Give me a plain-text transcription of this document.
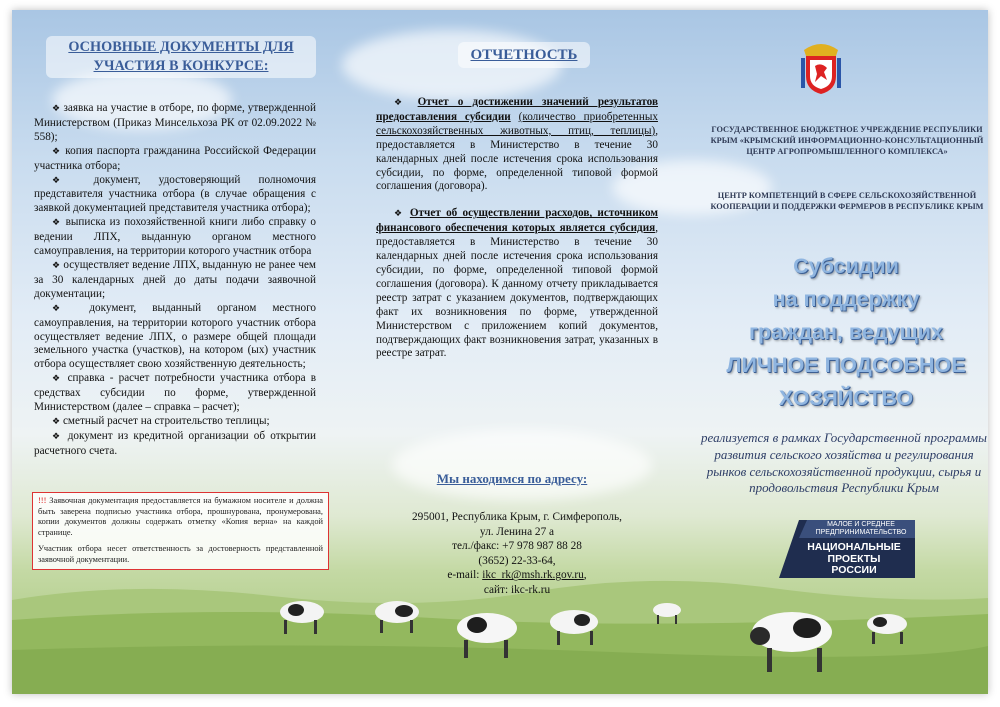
ОСНОВНЫЕ ДОКУМЕНТЫ ДЛЯ
УЧАСТИЯ В КОНКУРСЕ:

❖ заявка на участие в отборе, по форме, утвержденной Министерством (Приказ Минсельхоза РК от 02.09.2022 № 558);

❖ копия паспорта гражданина Российской Федерации участника отбора;

❖ документ, удостоверяющий полномочия представителя участника отбора (в случае обращения с заявкой документацией представителя участника отбора);

❖ выписка из похозяйственной книги либо справку о ведении ЛПХ, выданную органом местного самоуправления, на территории которого участник отбора

❖ осуществляет ведение ЛПХ, выданную не ранее чем за 30 календарных дней до даты подачи заявочной документации;

❖ документ, выданный органом местного самоуправления, на территории которого участник отбора осуществляет ведение ЛПХ, о размере общей площади земельного участка (участков), на котором (ых) участник отбора осуществляет свою хозяйственную деятельность;

❖ справка - расчет потребности участника отбора в средствах субсидии по форме, утвержденной Министерством (далее – справка – расчет);

❖ сметный расчет на строительство теплицы;

❖ документ из кредитной организации об открытии расчетного счета.

!!! Заявочная документация предоставляется на бумажном носителе и должна быть заверена подписью участника отбора, прошнурована, пронумерована, копии документов должны содержать отметку «Копия верна» на каждой странице.

Участник отбора несет ответственность за достоверность представленной заявочной документации.

ОТЧЕТНОСТЬ

❖ Отчет о достижении значений результатов предоставления субсидии (количество приобретенных сельскохозяйственных животных, птиц, теплицы), предоставляется в Министерство в течение 30 календарных дней после истечения срока использования субсидии, по форме, определенной типовой формой соглашения (договора).

❖ Отчет об осуществлении расходов, источником финансового обеспечения которых является субсидия, предоставляется в Министерство в течение 30 календарных дней после истечения срока использования субсидии, по форме, определенной типовой формой соглашения (договора). К данному отчету прикладывается реестр затрат с указанием документов, подтверждающих факт их возникновения по форме, утвержденной Министерством с приложением копий документов, подтверждающих факт возникновения затрат, указанных в реестре затрат.

Мы находимся по адресу:
295001, Республика Крым, г. Симферополь,
ул. Ленина 27 а
тел./факс: +7 978 987 88 28
(3652) 22-33-64,
e-mail: ikc_rk@msh.rk.gov.ru,
сайт: ikc-rk.ru
ГОСУДАРСТВЕННОЕ БЮДЖЕТНОЕ УЧРЕЖДЕНИЕ РЕСПУБЛИКИ КРЫМ «КРЫМСКИЙ ИНФОРМАЦИОННО-КОНСУЛЬТАЦИОННЫЙ ЦЕНТР АГРОПРОМЫШЛЕННОГО КОМПЛЕКСА»
ЦЕНТР КОМПЕТЕНЦИЙ В СФЕРЕ СЕЛЬСКОХОЗЯЙСТВЕННОЙ КООПЕРАЦИИ И ПОДДЕРЖКИ ФЕРМЕРОВ В РЕСПУБЛИКЕ КРЫМ
Субсидии
на поддержку
граждан, ведущих
ЛИЧНОЕ ПОДСОБНОЕ
ХОЗЯЙСТВО
реализуется в рамках Государственной программы развития сельского хозяйства и регулирования рынков сельскохозяйственной продукции, сырья и продовольствия Республики Крым
МАЛОЕ И СРЕДНЕЕ
ПРЕДПРИНИМАТЕЛЬСТВО
НАЦИОНАЛЬНЫЕ
ПРОЕКТЫ
РОССИИ
